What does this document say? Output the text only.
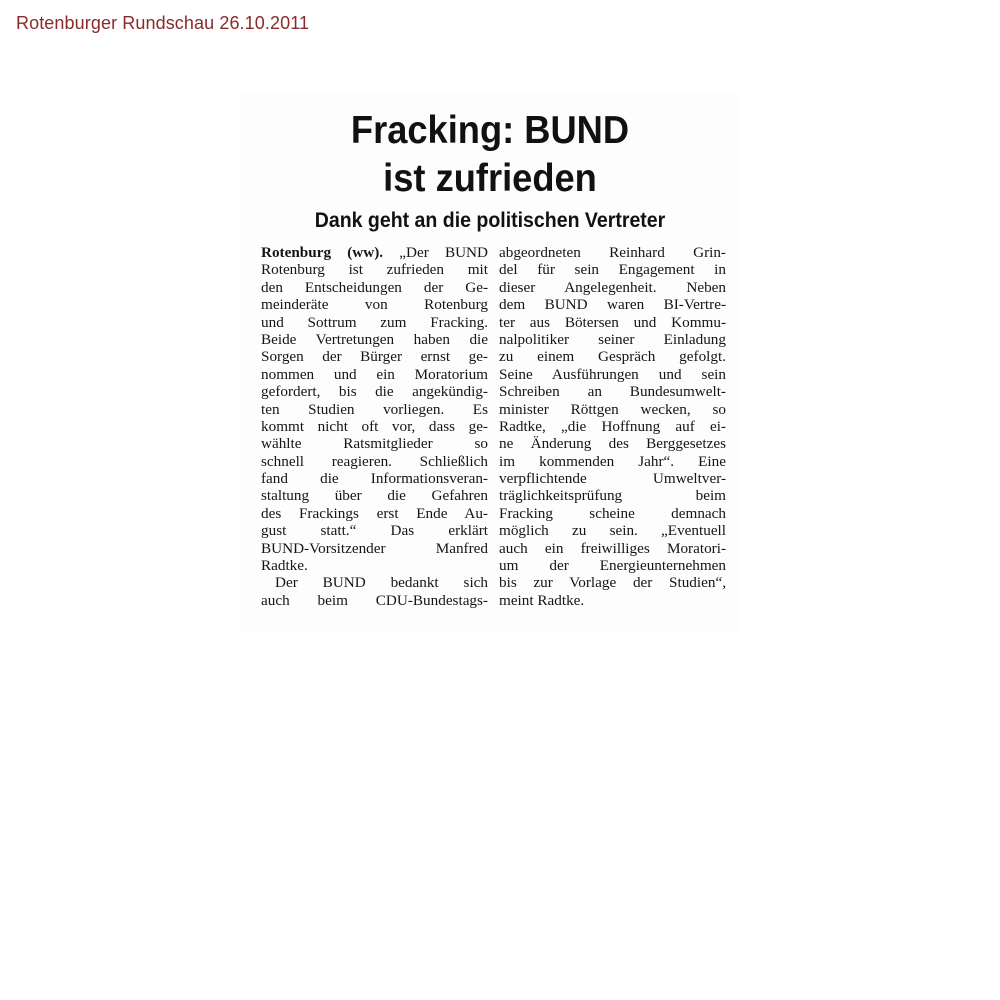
Rotenburger Rundschau 26.10.2011
Fracking: BUND
ist zufrieden
Dank geht an die politischen Vertreter
Rotenburg (ww). „Der BUND
Rotenburg ist zufrieden mit
den Entscheidungen der Ge-
meinderäte von Rotenburg
und Sottrum zum Fracking.
Beide Vertretungen haben die
Sorgen der Bürger ernst ge-
nommen und ein Moratorium
gefordert, bis die angekündig-
ten Studien vorliegen. Es
kommt nicht oft vor, dass ge-
wählte Ratsmitglieder so
schnell reagieren. Schließlich
fand die Informationsveran-
staltung über die Gefahren
des Frackings erst Ende Au-
gust statt.“ Das erklärt
BUND-Vorsitzender Manfred
Radtke.
Der BUND bedankt sich
auch beim CDU-Bundestags-
abgeordneten Reinhard Grin-
del für sein Engagement in
dieser Angelegenheit. Neben
dem BUND waren BI-Vertre-
ter aus Bötersen und Kommu-
nalpolitiker seiner Einladung
zu einem Gespräch gefolgt.
Seine Ausführungen und sein
Schreiben an Bundesumwelt-
minister Röttgen wecken, so
Radtke, „die Hoffnung auf ei-
ne Änderung des Berggesetzes
im kommenden Jahr“. Eine
verpflichtende Umweltver-
träglichkeitsprüfung beim
Fracking scheine demnach
möglich zu sein. „Eventuell
auch ein freiwilliges Moratori-
um der Energieunternehmen
bis zur Vorlage der Studien“,
meint Radtke.
